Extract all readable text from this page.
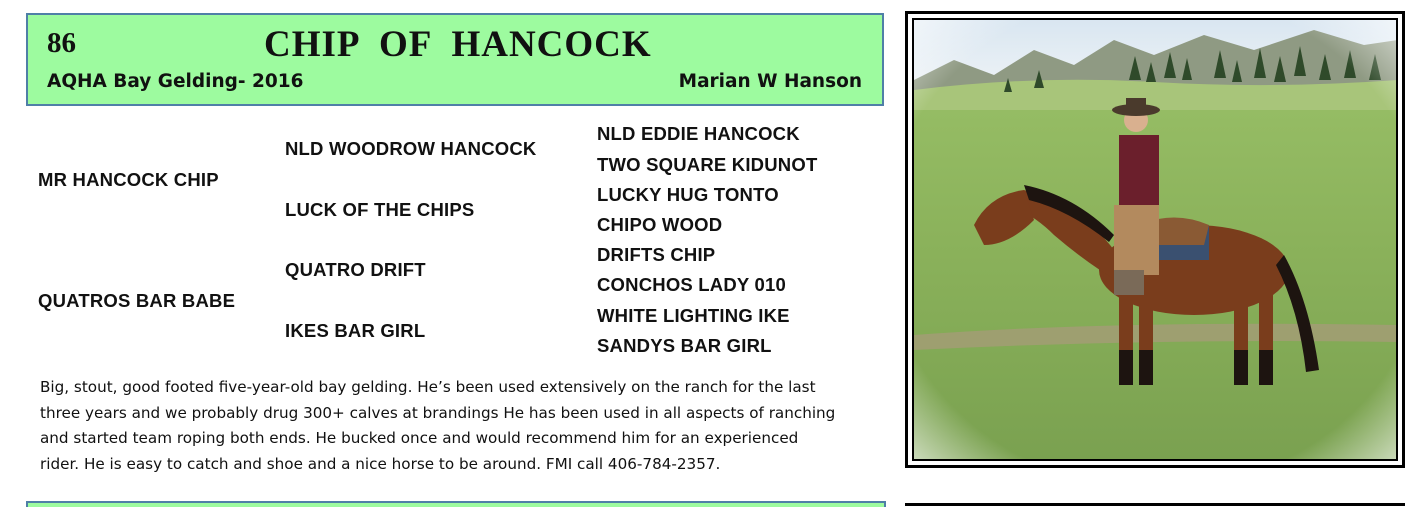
86	CHIP  OF  HANCOCK
AQHA Bay Gelding- 2016	Marian W Hanson
MR HANCOCK CHIP
QUATROS BAR BABE
NLD WOODROW HANCOCK
LUCK OF THE CHIPS
QUATRO DRIFT
IKES BAR GIRL
NLD EDDIE HANCOCK
TWO SQUARE KIDUNOT
LUCKY HUG TONTO
CHIPO WOOD
DRIFTS CHIP
CONCHOS LADY 010
WHITE LIGHTING IKE
SANDYS BAR GIRL

Big, stout, good footed five-year-old bay gelding. He’s been used extensively on the ranch for the last

three years and we probably drug 300+ calves at brandings He has been used in all aspects of ranching

and started team roping both ends. He bucked once and would recommend him for an experienced

rider. He is easy to catch and shoe and a nice horse to be around. FMI call 406-784-2357.
